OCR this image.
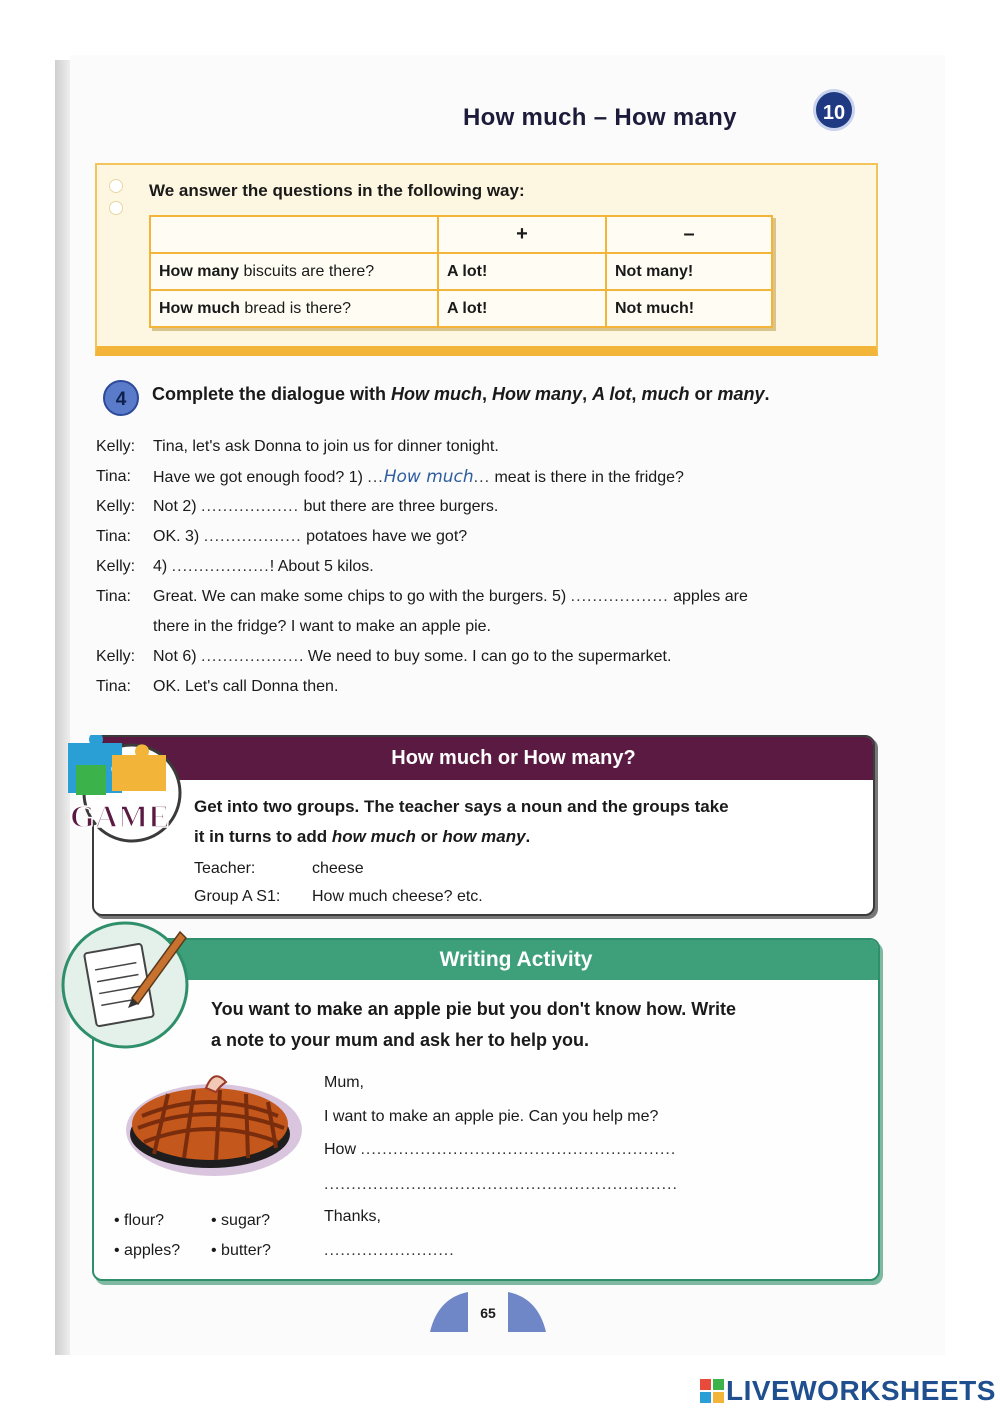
How much – How many	10
We answer the questions in the following way:
	+	–
How many biscuits are there?	A lot!	Not many!
How much bread is there?	A lot!	Not much!
4	Complete the dialogue with How much, How many, A lot, much or many.
Kelly: Tina, let's ask Donna to join us for dinner tonight.
Tina: Have we got enough food? 1) ...How much... meat is there in the fridge?
Kelly: Not 2) .................. but there are three burgers.
Tina: OK. 3) .................. potatoes have we got?
Kelly: 4) ..................! About 5 kilos.
Tina: Great. We can make some chips to go with the burgers. 5) .................. apples are
there in the fridge? I want to make an apple pie.
Kelly: Not 6) ................... We need to buy some. I can go to the supermarket.
Tina: OK. Let's call Donna then.
How much or How many?
Get into two groups. The teacher says a noun and the groups take
it in turns to add how much or how many.
Teacher:	cheese
Group A S1: How much cheese? etc.
GAME
Writing Activity
You want to make an apple pie but you don't know how. Write
a note to your mum and ask her to help you.
Mum,
I want to make an apple pie. Can you help me?
How ..........................................................
.................................................................
Thanks,
........................
• flour?	• sugar?
• apples? • butter?
65
LIVEWORKSHEETS
